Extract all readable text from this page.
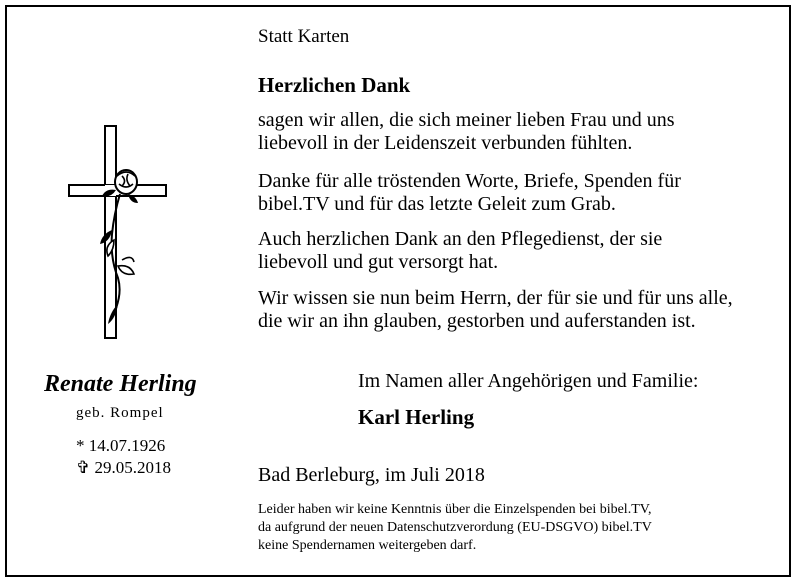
Renate Herling
geb. Rompel
* 14.07.1926
✞ 29.05.2018
Statt Karten
Herzlichen Dank
sagen wir allen, die sich meiner lieben Frau und uns
liebevoll in der Leidenszeit verbunden fühlten.
Danke für alle tröstenden Worte, Briefe, Spenden für
bibel.TV und für das letzte Geleit zum Grab.
Auch herzlichen Dank an den Pflegedienst, der sie
liebevoll und gut versorgt hat.
Wir wissen sie nun beim Herrn, der für sie und für uns alle,
die wir an ihn glauben, gestorben und auferstanden ist.
Im Namen aller Angehörigen und Familie:
Karl Herling
Bad Berleburg, im Juli 2018
Leider haben wir keine Kenntnis über die Einzelspenden bei bibel.TV,
da aufgrund der neuen Datenschutzverordung (EU-DSGVO) bibel.TV
keine Spendernamen weitergeben darf.
